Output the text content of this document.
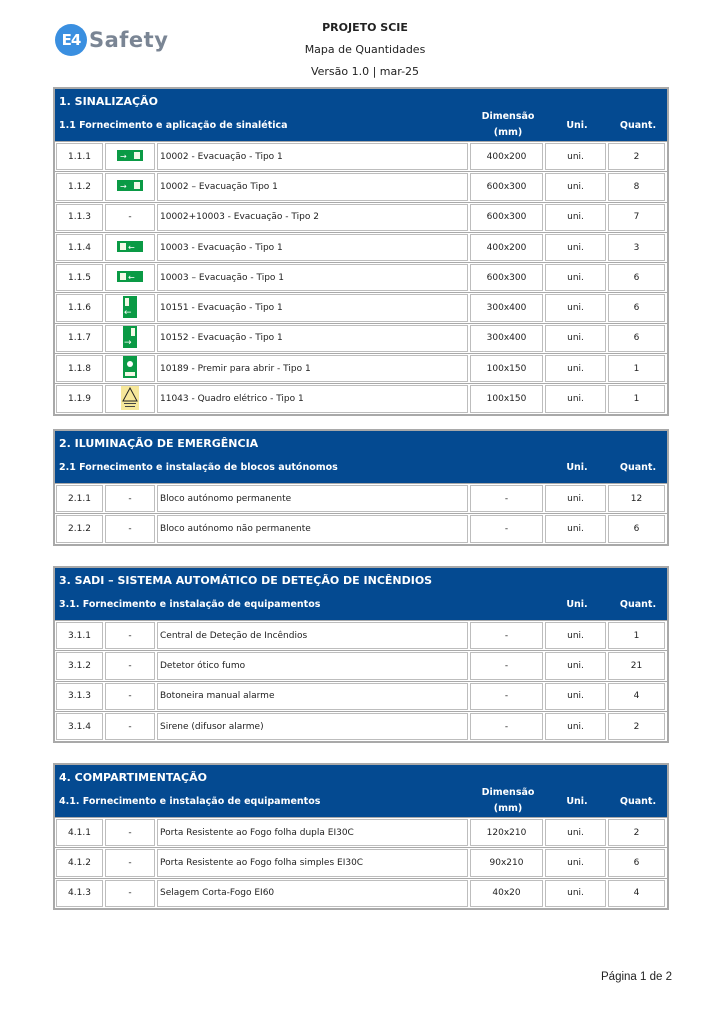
E4 Safety
PROJETO SCIE
Mapa de Quantidades
Versão 1.0 | mar-25
1. SINALIZAÇÃO
1.1 Fornecimento e aplicação de sinalética
Dimensão (mm)
Uni.	Quant.
1.1.1	→	10002 - Evacuação - Tipo 1	400x200	uni.	2
1.1.2	→	10002 – Evacuação Tipo 1	600x300	uni.	8
1.1.3	-	10002+10003 - Evacuação - Tipo 2	600x300	uni.	7
1.1.4	←	10003 - Evacuação - Tipo 1	400x200	uni.	3
1.1.5	←	10003 – Evacuação - Tipo 1	600x300	uni.	6
1.1.6	←	10151 - Evacuação - Tipo 1	300x400	uni.	6
1.1.7	→	10152 - Evacuação - Tipo 1	300x400	uni.	6
1.1.8	10189 - Premir para abrir - Tipo 1	100x150	uni.	1
1.1.9	11043 - Quadro elétrico - Tipo 1	100x150	uni.	1
2. ILUMINAÇÃO DE EMERGÊNCIA
2.1 Fornecimento e instalação de blocos autónomos	Uni.	Quant.
2.1.1	-	Bloco autónomo permanente	-	uni.	12
2.1.2	-	Bloco autónomo não permanente	-	uni.	6
3. SADI – SISTEMA AUTOMÁTICO DE DETEÇÃO DE INCÊNDIOS
3.1. Fornecimento e instalação de equipamentos	Uni.	Quant.
3.1.1	-	Central de Deteção de Incêndios	-	uni.	1
3.1.2	-	Detetor ótico fumo	-	uni.	21
3.1.3	-	Botoneira manual alarme	-	uni.	4
3.1.4	-	Sirene (difusor alarme)	-	uni.	2
4. COMPARTIMENTAÇÃO
4.1. Fornecimento e instalação de equipamentos
Dimensão (mm)
Uni.	Quant.
4.1.1	-	Porta Resistente ao Fogo folha dupla EI30C	120x210	uni.	2
4.1.2	-	Porta Resistente ao Fogo folha simples EI30C	90x210	uni.	6
4.1.3	-	Selagem Corta-Fogo EI60	40x20	uni.	4
Página 1 de 2
